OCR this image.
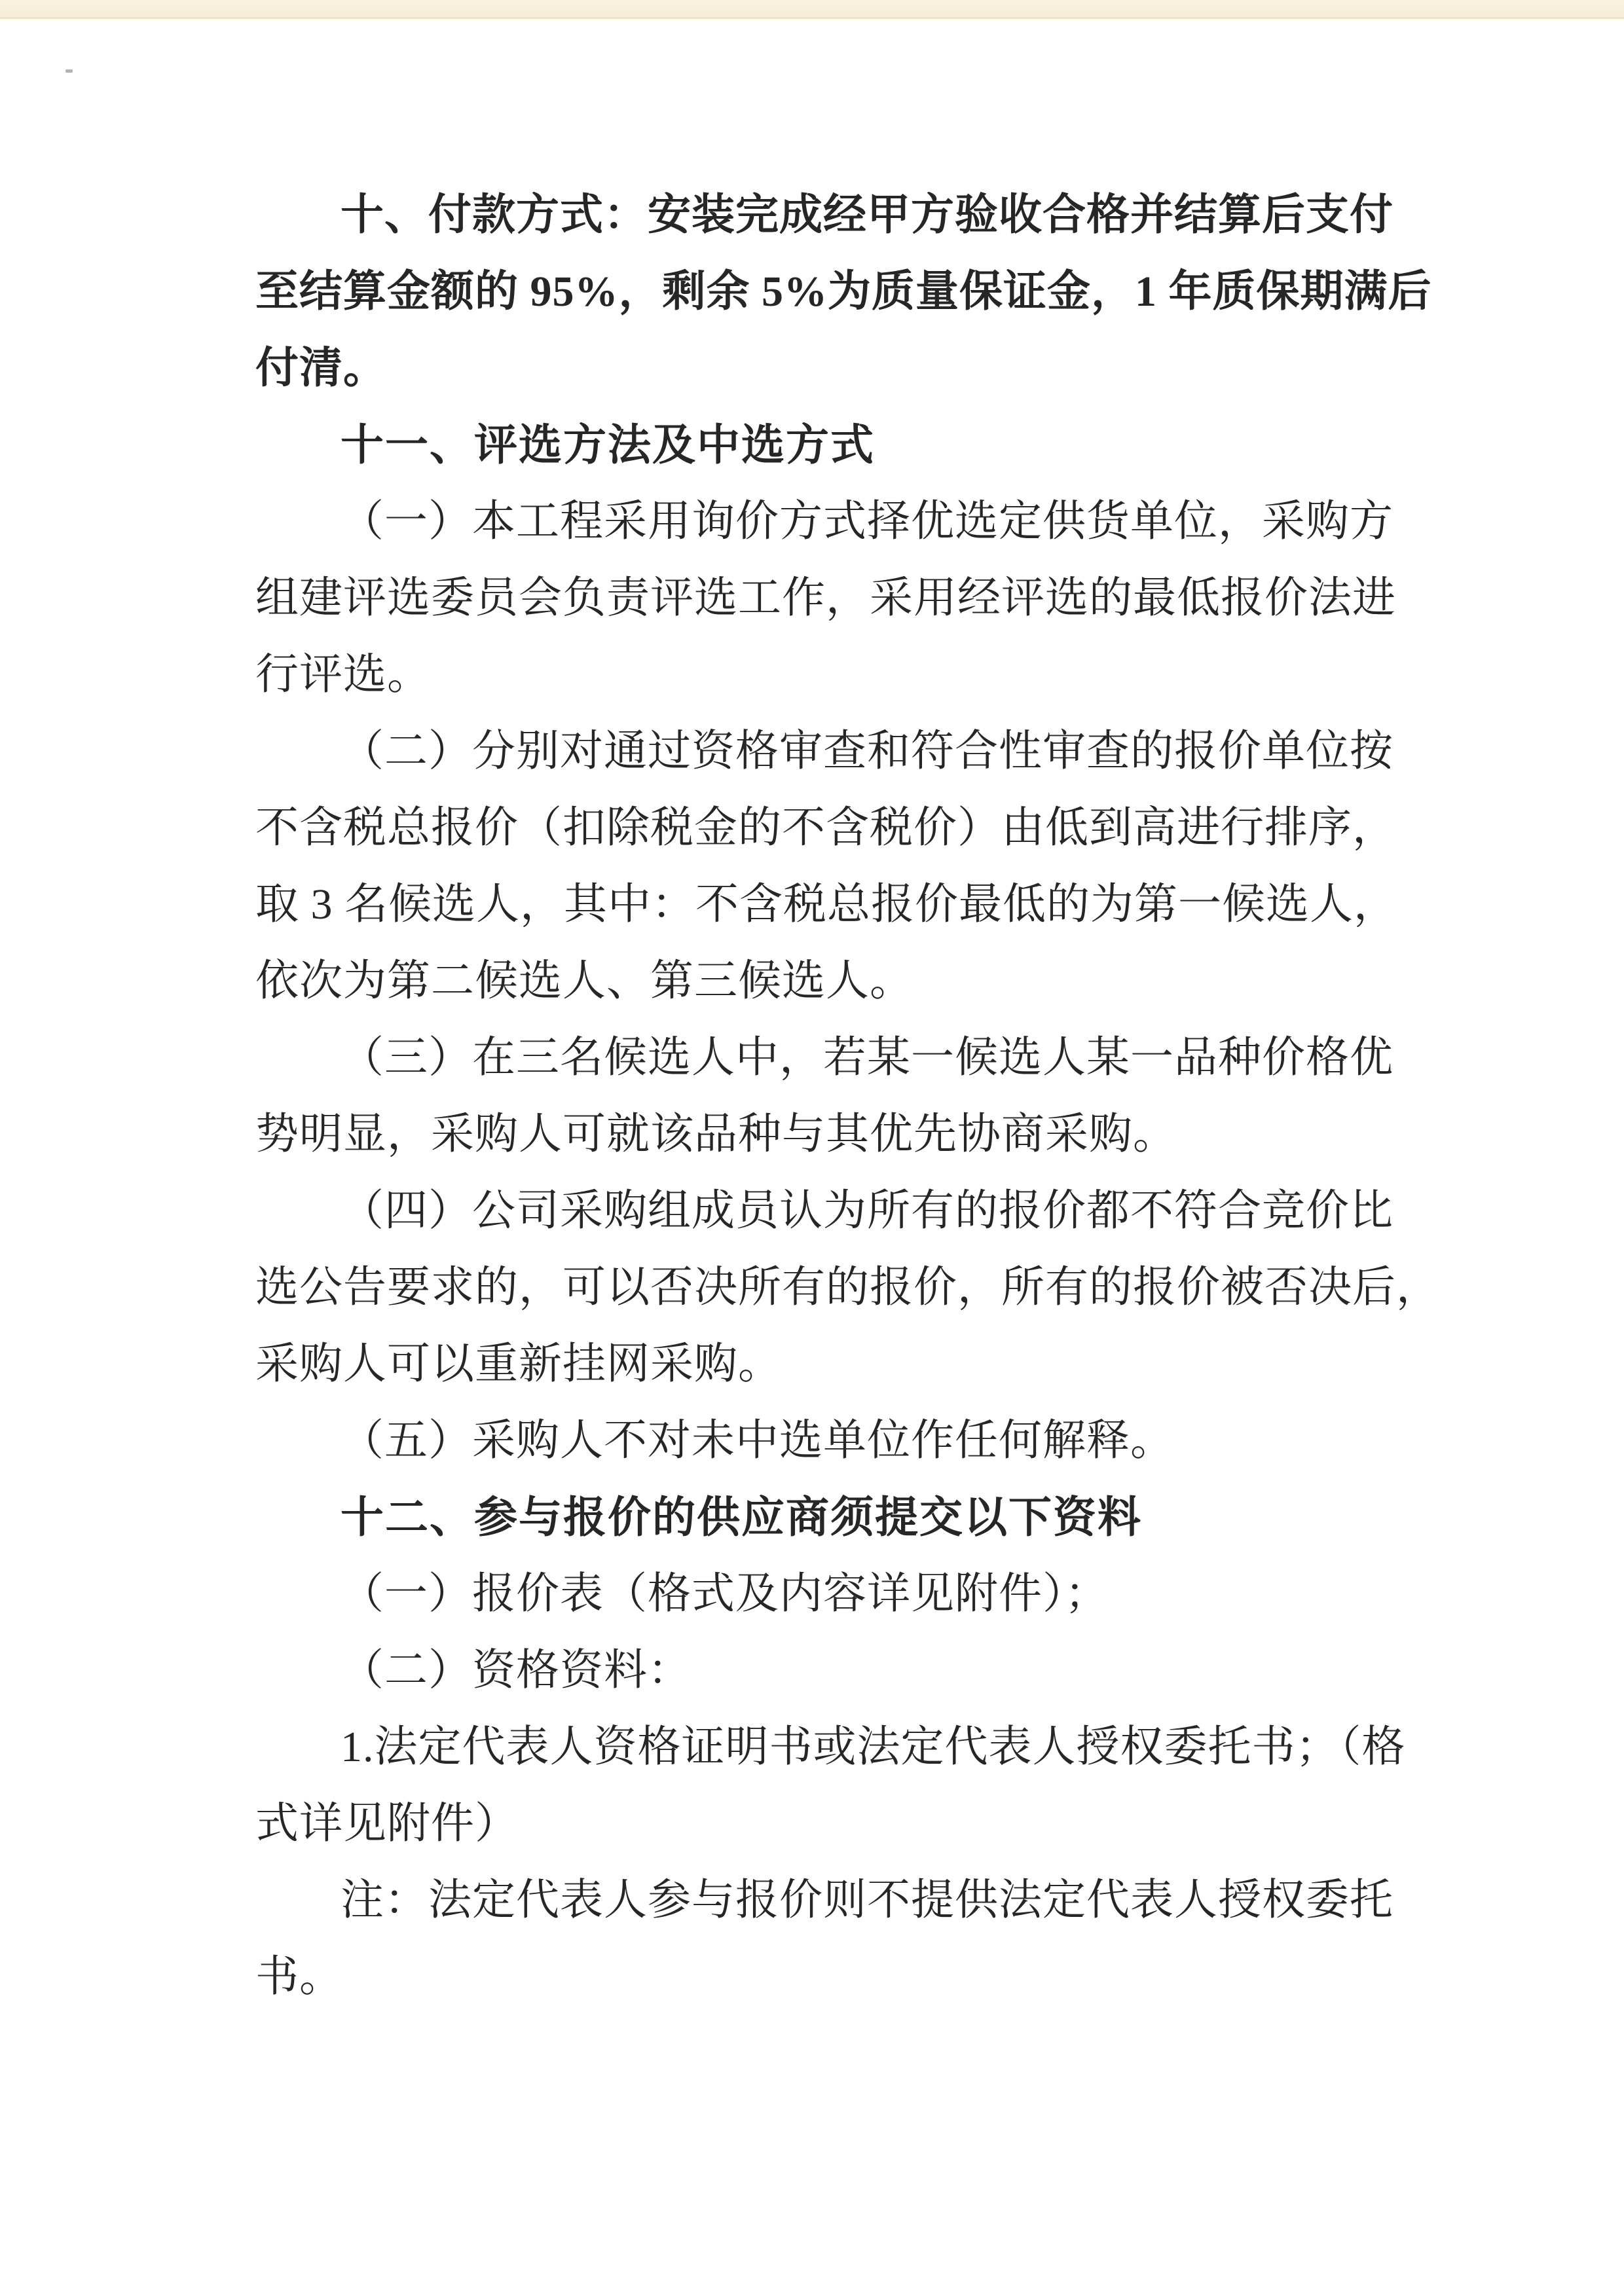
十、付款方式：安装完成经甲方验收合格并结算后支付
至结算金额的 95%，剩余 5%为质量保证金，1 年质保期满后
付清。
十一、评选方法及中选方式
（一）本工程采用询价方式择优选定供货单位，采购方
组建评选委员会负责评选工作，采用经评选的最低报价法进
行评选。
（二）分别对通过资格审查和符合性审查的报价单位按
不含税总报价（扣除税金的不含税价）由低到高进行排序，
取 3 名候选人，其中：不含税总报价最低的为第一候选人，
依次为第二候选人、第三候选人。
（三）在三名候选人中，若某一候选人某一品种价格优
势明显，采购人可就该品种与其优先协商采购。
（四）公司采购组成员认为所有的报价都不符合竞价比
选公告要求的，可以否决所有的报价，所有的报价被否决后，
采购人可以重新挂网采购。
（五）采购人不对未中选单位作任何解释。
十二、参与报价的供应商须提交以下资料
（一）报价表（格式及内容详见附件）；
（二）资格资料：
1.法定代表人资格证明书或法定代表人授权委托书；（格
式详见附件）
注：法定代表人参与报价则不提供法定代表人授权委托
书。
